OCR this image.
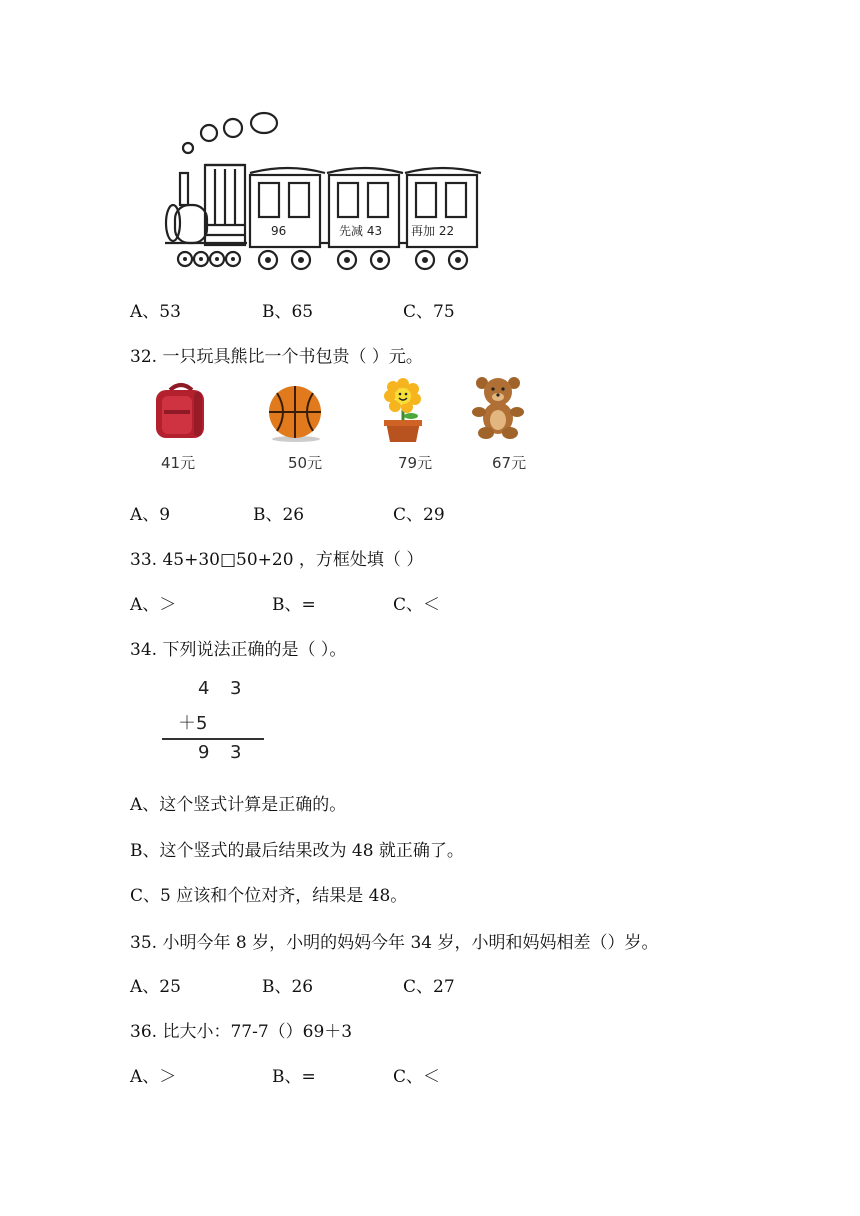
96	先减 43 再加 22
A、53	B、65	C、75
32. 一只玩具熊比一个书包贵（ ）元。
41元	50元	79元	67元
A、9	B、26	C、29
33. 45+30□50+20 ，方框处填（ ）
A、＞	B、=	C、＜
34. 下列说法正确的是（ ）。
4 3
＋5
9 3
A、这个竖式计算是正确的。
B、这个竖式的最后结果改为 48 就正确了。
C、5 应该和个位对齐，结果是 48。
35. 小明今年 8 岁，小明的妈妈今年 34 岁，小明和妈妈相差（）岁。
A、25	B、26	C、27
36. 比大小：77-7（）69＋3
A、＞	B、=	C、＜
